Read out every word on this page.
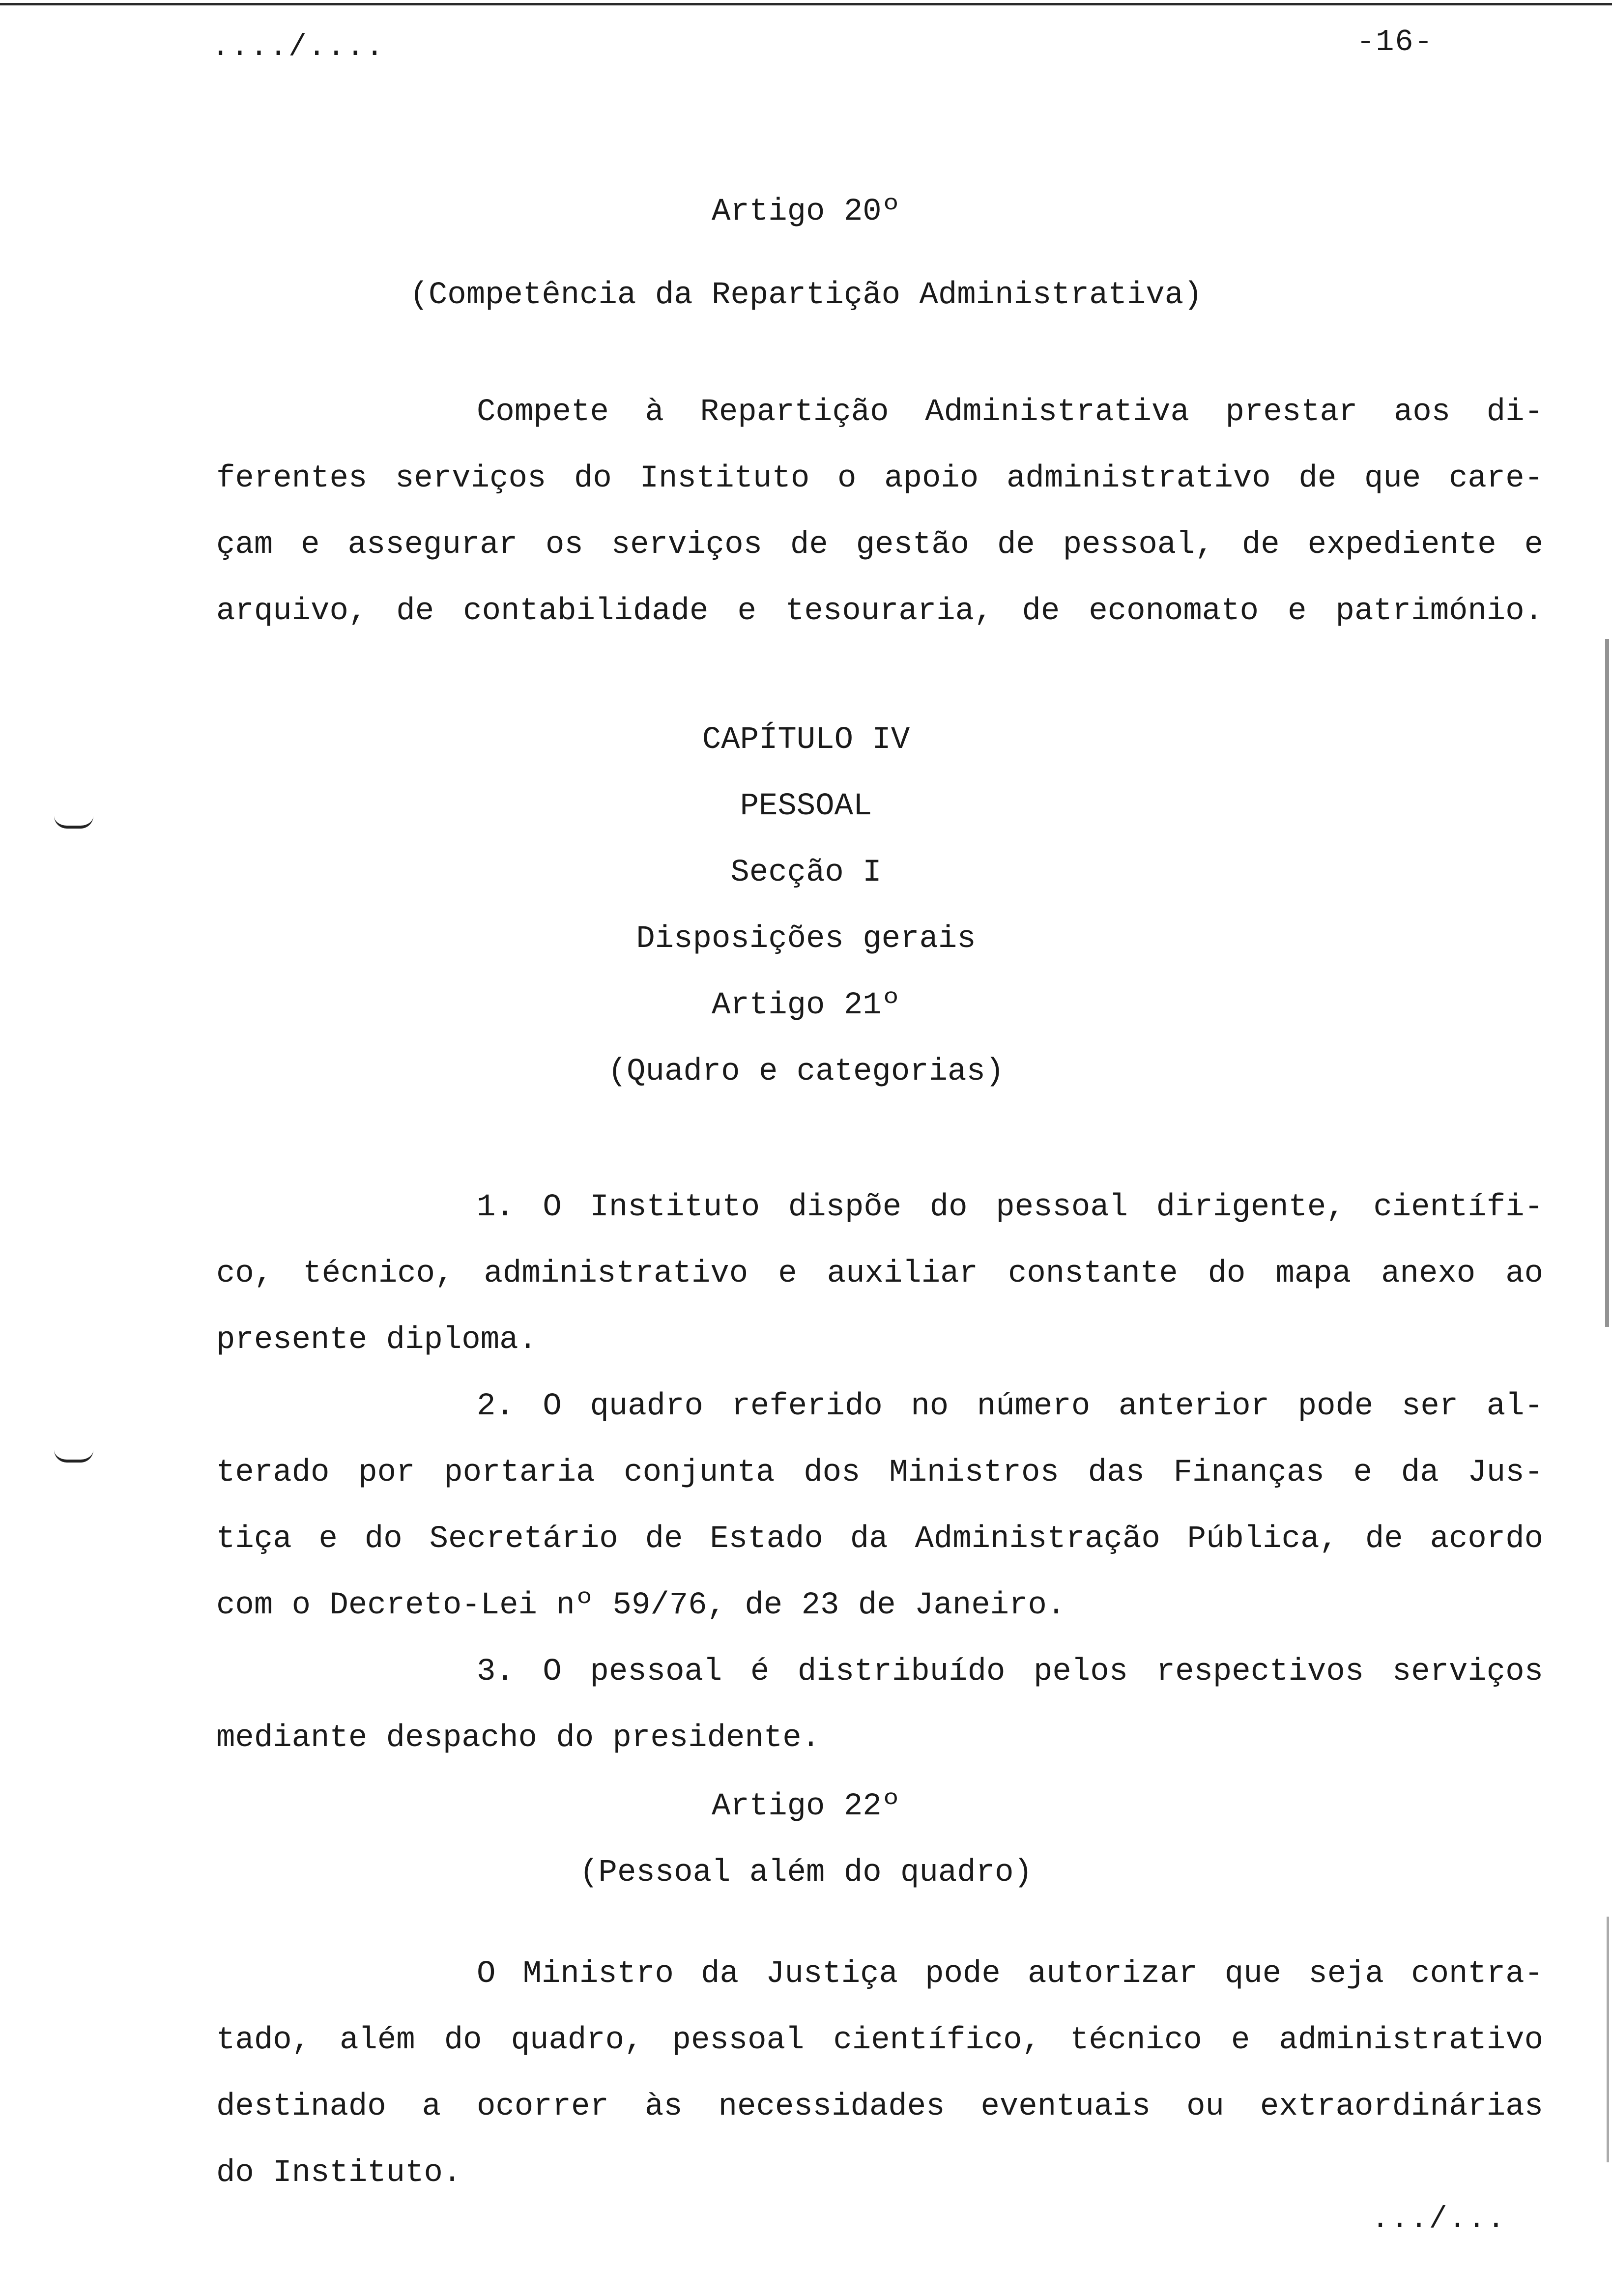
..../....	-16-
Artigo 20º
(Competência da Repartição Administrativa)
Compete à Repartição Administrativa prestar aos di-
ferentes serviços do Instituto o apoio administrativo de que care-
çam e assegurar os serviços de gestão de pessoal, de expediente e
arquivo, de contabilidade e tesouraria, de economato e património.
CAPÍTULO IV
PESSOAL
Secção I
Disposições gerais
Artigo 21º
(Quadro e categorias)
1. O Instituto dispõe do pessoal dirigente, científi-
co, técnico, administrativo e auxiliar constante do mapa anexo ao
presente diploma.
2. O quadro referido no número anterior pode ser al-
terado por portaria conjunta dos Ministros das Finanças e da Jus-
tiça e do Secretário de Estado da Administração Pública, de acordo
com o Decreto-Lei nº 59/76, de 23 de Janeiro.
3. O pessoal é distribuído pelos respectivos serviços
mediante despacho do presidente.
Artigo 22º
(Pessoal além do quadro)
O Ministro da Justiça pode autorizar que seja contra-
tado, além do quadro, pessoal científico, técnico e administrativo
destinado a ocorrer às necessidades eventuais ou extraordinárias
do Instituto.
.../...
